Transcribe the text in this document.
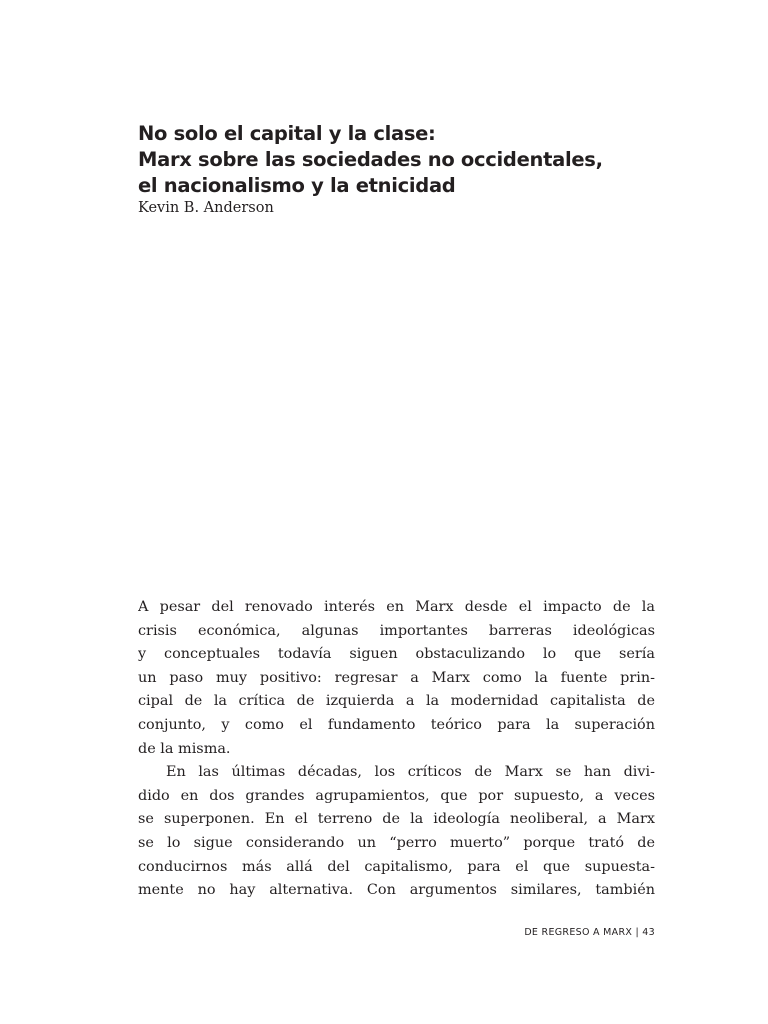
No solo el capital y la clase:
Marx sobre las sociedades no occidentales,
el nacionalismo y la etnicidad
Kevin B. Anderson
A pesar del renovado interés en Marx desde el impacto de la
crisis económica, algunas importantes barreras ideológicas
y conceptuales todavía siguen obstaculizando lo que sería
un paso muy positivo: regresar a Marx como la fuente prin-
cipal de la crítica de izquierda a la modernidad capitalista de
conjunto, y como el fundamento teórico para la superación
de la misma.
En las últimas décadas, los críticos de Marx se han divi-
dido en dos grandes agrupamientos, que por supuesto, a veces
se superponen. En el terreno de la ideología neoliberal, a Marx
se lo sigue considerando un “perro muerto” porque trató de
conducirnos más allá del capitalismo, para el que supuesta-
mente no hay alternativa. Con argumentos similares, también
DE REGRESO A MARX | 43
